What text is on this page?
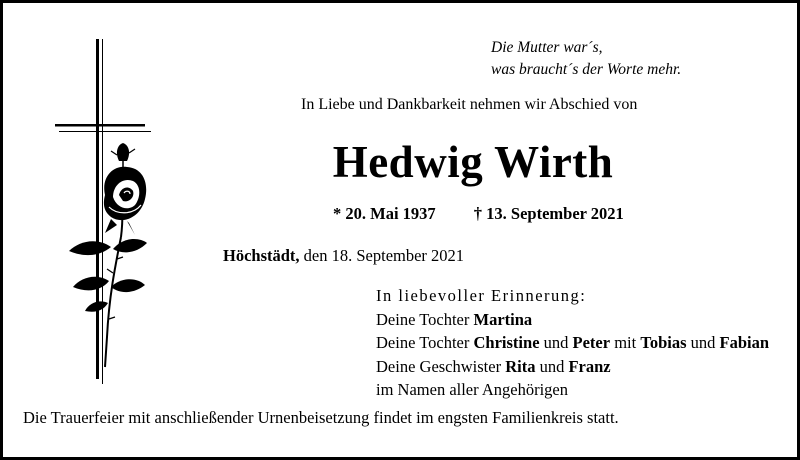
Die Mutter war´s,
was braucht´s der Worte mehr.
In Liebe und Dankbarkeit nehmen wir Abschied von
Hedwig Wirth
* 20. Mai 1937 † 13. September 2021
Höchstädt, den 18. September 2021
In liebevoller Erinnerung:
Deine Tochter Martina
Deine Tochter Christine und Peter mit Tobias und Fabian
Deine Geschwister Rita und Franz
im Namen aller Angehörigen
Die Trauerfeier mit anschließender Urnenbeisetzung findet im engsten Familienkreis statt.
